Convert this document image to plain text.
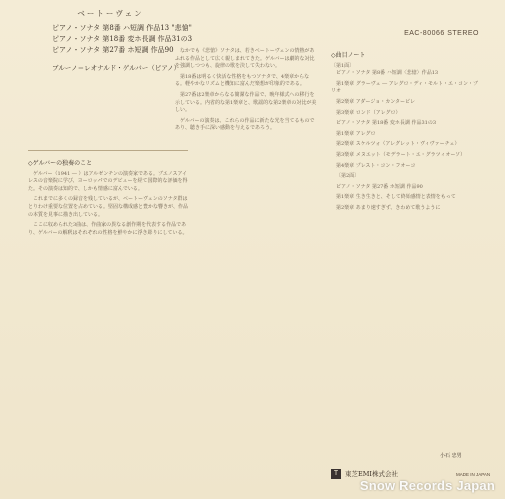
EAC-80066 STEREO
ベートーヴェン

ピアノ・ソナタ 第8番 ハ短調 作品13 "悲愴"

ピアノ・ソナタ 第18番 変ホ長調 作品31の3

ピアノ・ソナタ 第27番 ホ短調 作品90

ブルーノ＝レオナルド・ゲルバー（ピアノ）
◇ゲルバーの独奏のこと

ゲルバー（1941 ― ）はアルゼンチンの演奏家である。ブエノスアイレスの音楽院に学び、ヨーロッパでのデビューを経て国際的な評価を得た。その演奏は知的で、しかも情感に富んでいる。

これまでに多くの録音を残しているが、ベートーヴェンのソナタ群はとりわけ重要な位置を占めている。堅固な構成感と豊かな響きが、作品の本質を見事に描き出している。

ここに収められた3曲は、作曲家の異なる創作期を代表する作品であり、ゲルバーの解釈はそれぞれの性格を鮮やかに浮き彫りにしている。

なかでも《悲愴》ソナタは、若きベートーヴェンの情熱があふれる作品として広く親しまれてきた。ゲルバーは劇的な対比を強調しつつも、旋律の歌を決して失わない。

第18番は明るく快活な性格をもつソナタで、4楽章からなる。軽やかなリズムと機知に富んだ楽想が印象的である。

第27番は2楽章からなる簡潔な作品で、晩年様式への移行を示している。内省的な第1楽章と、歌謡的な第2楽章の対比が美しい。

ゲルバーの演奏は、これらの作品に新たな光を当てるものであり、聴き手に深い感動を与えるであろう。

◇曲目ノート
〔第1面〕

ピアノ・ソナタ 第8番 ハ短調〈悲愴〉作品13

第1楽章 グラーヴェ ― アレグロ・ディ・モルト・エ・コン・ブリオ

第2楽章 アダージョ・カンタービレ

第3楽章 ロンド（アレグロ）

ピアノ・ソナタ 第18番 変ホ長調 作品31の3

第1楽章 アレグロ

第2楽章 スケルツォ（アレグレット・ヴィヴァーチェ）

第3楽章 メヌエット（モデラート・エ・グラツィオーソ）

第4楽章 プレスト・コン・フオーコ

〔第2面〕

ピアノ・ソナタ 第27番 ホ短調 作品90

第1楽章 生き生きと、そして終始感情と表情をもって

第2楽章 あまり速すぎず、きわめて歌うように

小石 忠男
T	東芝EMI株式会社	MADE IN JAPAN
Snow Records Japan
